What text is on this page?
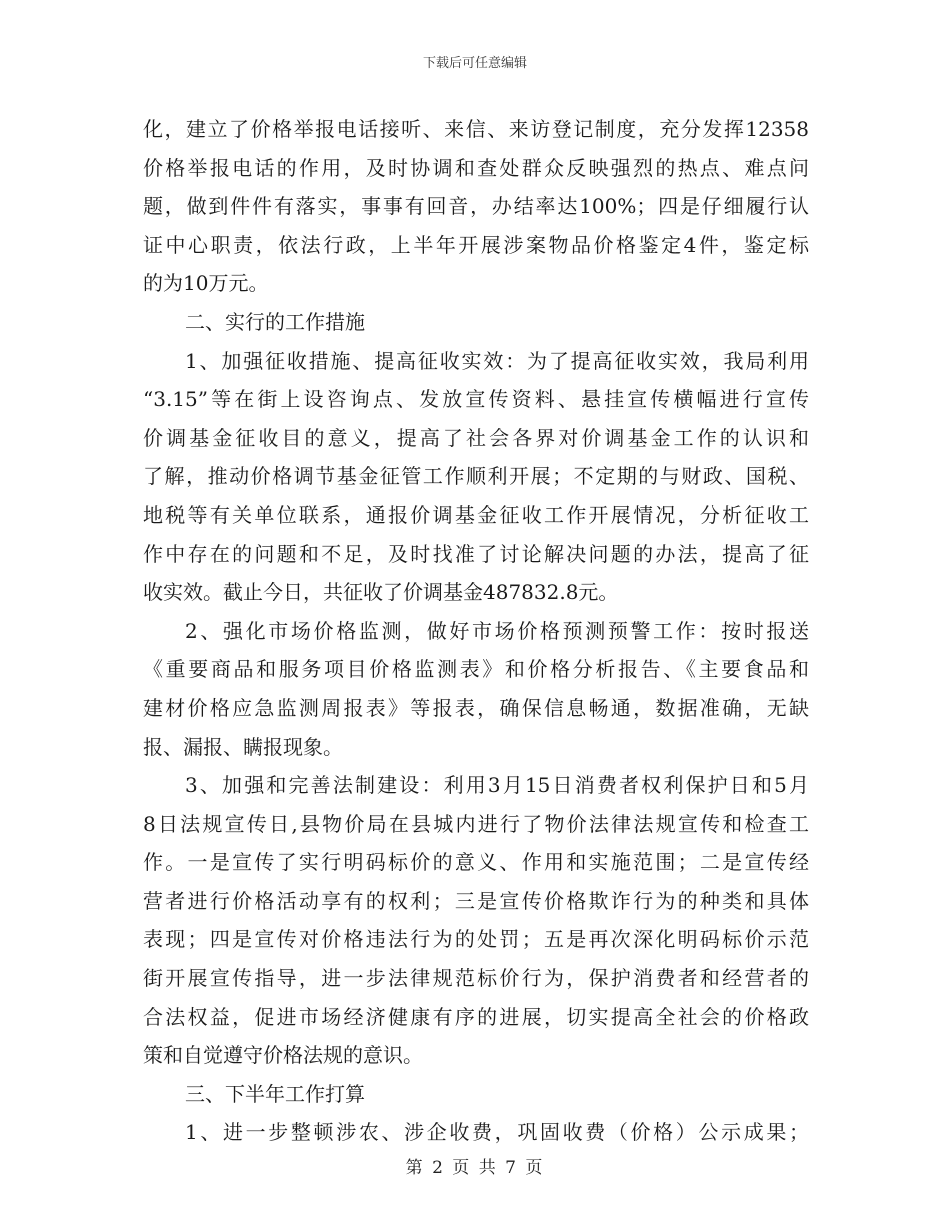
下载后可任意编辑
化，建立了价格举报电话接听、来信、来访登记制度，充分发挥12358
价格举报电话的作用，及时协调和查处群众反映强烈的热点、难点问
题，做到件件有落实，事事有回音，办结率达100%；四是仔细履行认
证中心职责，依法行政，上半年开展涉案物品价格鉴定4件，鉴定标
的为10万元。
二、实行的工作措施
1、加强征收措施、提高征收实效：为了提高征收实效，我局利用
“3.15”等在街上设咨询点、发放宣传资料、悬挂宣传横幅进行宣传
价调基金征收目的意义，提高了社会各界对价调基金工作的认识和
了解，推动价格调节基金征管工作顺利开展；不定期的与财政、国税、
地税等有关单位联系，通报价调基金征收工作开展情况，分析征收工
作中存在的问题和不足，及时找准了讨论解决问题的办法，提高了征
收实效。截止今日，共征收了价调基金487832.8元。
2、强化市场价格监测，做好市场价格预测预警工作：按时报送
《重要商品和服务项目价格监测表》和价格分析报告、《主要食品和
建材价格应急监测周报表》等报表，确保信息畅通，数据准确，无缺
报、漏报、瞒报现象。
3、加强和完善法制建设：利用3月15日消费者权利保护日和5月
8日法规宣传日,县物价局在县城内进行了物价法律法规宣传和检查工
作。一是宣传了实行明码标价的意义、作用和实施范围；二是宣传经
营者进行价格活动享有的权利；三是宣传价格欺诈行为的种类和具体
表现；四是宣传对价格违法行为的处罚；五是再次深化明码标价示范
街开展宣传指导，进一步法律规范标价行为，保护消费者和经营者的
合法权益，促进市场经济健康有序的进展，切实提高全社会的价格政
策和自觉遵守价格法规的意识。
三、下半年工作打算
1、进一步整顿涉农、涉企收费，巩固收费（价格）公示成果；
第 2 页 共 7 页
